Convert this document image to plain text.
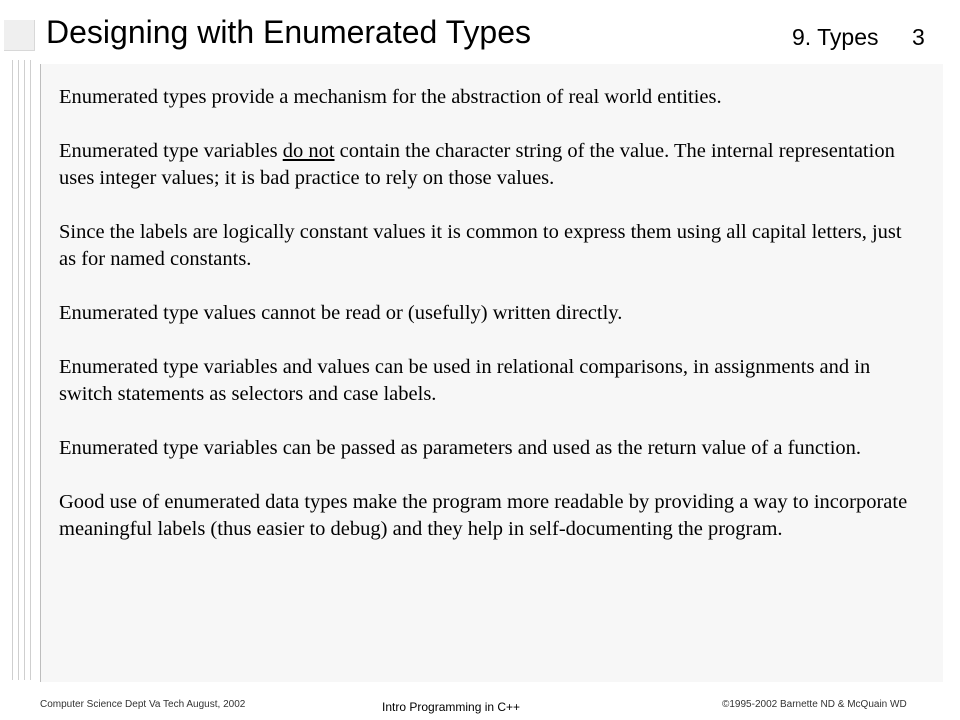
Designing with Enumerated Types	9. Types 3

Enumerated types provide a mechanism for the abstraction of real world entities.

Enumerated type variables do not contain the character string of the value. The internal representation uses integer values; it is bad practice to rely on those values.

Since the labels are logically constant values it is common to express them using all capital letters, just as for named constants.

Enumerated type values cannot be read or (usefully) written directly.

Enumerated type variables and values can be used in relational comparisons, in assignments and in switch statements as selectors and case labels.

Enumerated type variables can be passed as parameters and used as the return value of a function.

Good use of enumerated data types make the program more readable by providing a way to incorporate meaningful labels (thus easier to debug) and they help in self-documenting the program.

Computer Science Dept Va Tech August, 2002	Intro Programming in C++	©1995-2002 Barnette ND & McQuain WD
